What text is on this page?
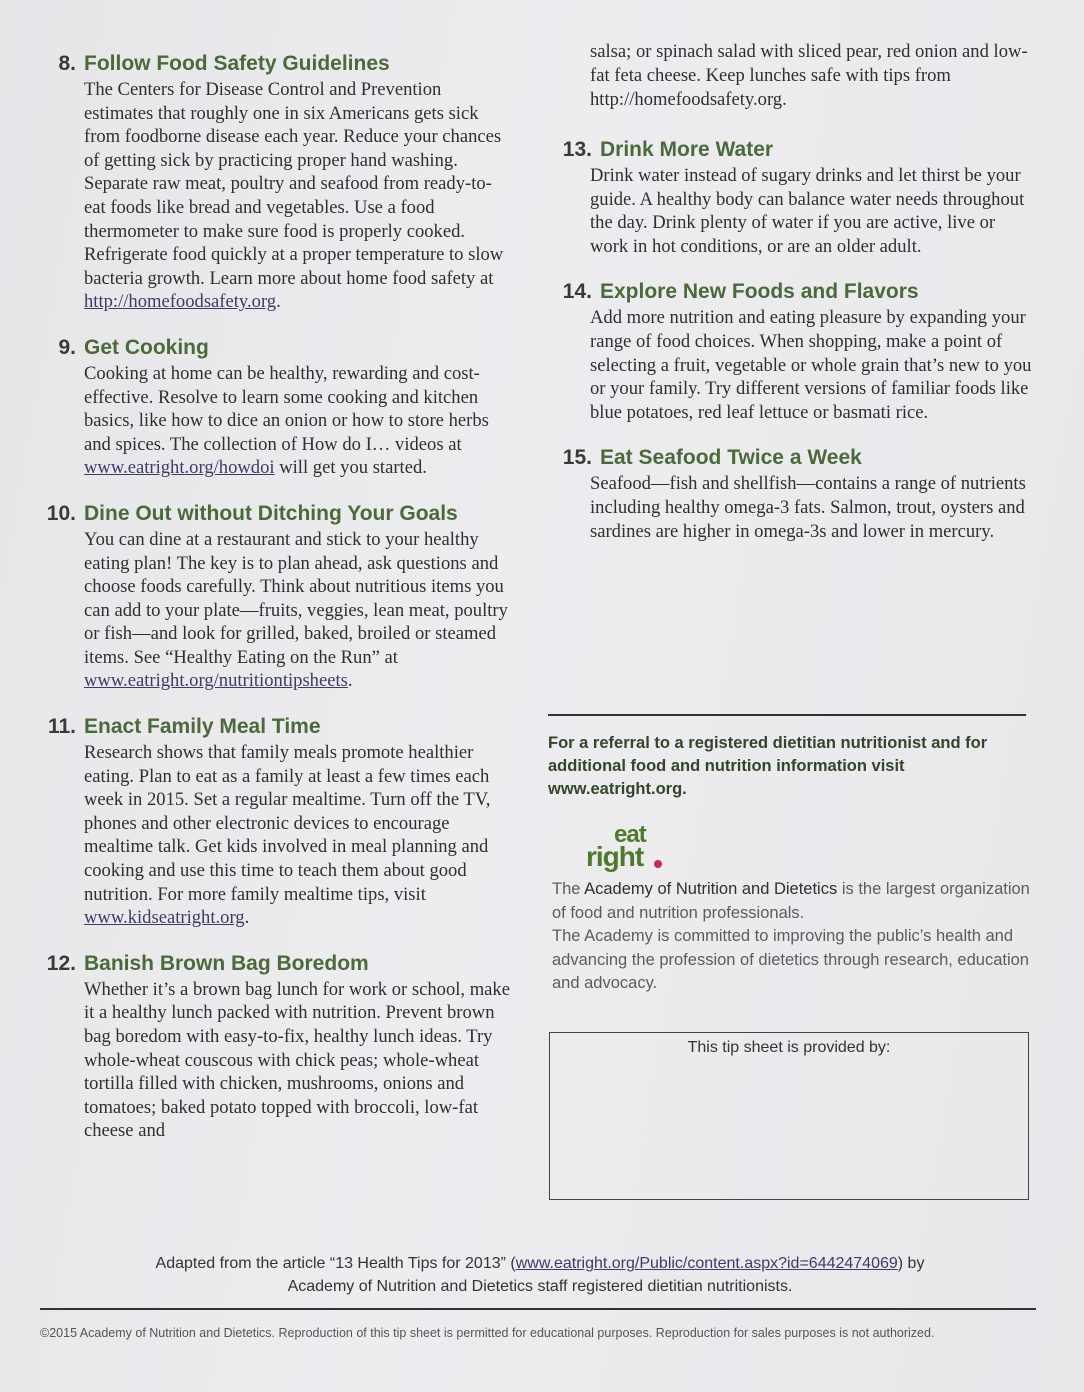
8. Follow Food Safety Guidelines
The Centers for Disease Control and Prevention estimates that roughly one in six Americans gets sick from foodborne disease each year. Reduce your chances of getting sick by practicing proper hand washing. Separate raw meat, poultry and seafood from ready-to-eat foods like bread and vegetables. Use a food thermometer to make sure food is properly cooked. Refrigerate food quickly at a proper temperature to slow bacteria growth. Learn more about home food safety at http://homefoodsafety.org.
9. Get Cooking
Cooking at home can be healthy, rewarding and cost-effective. Resolve to learn some cooking and kitchen basics, like how to dice an onion or how to store herbs and spices. The collection of How do I… videos at www.eatright.org/howdoi will get you started.
10. Dine Out without Ditching Your Goals
You can dine at a restaurant and stick to your healthy eating plan! The key is to plan ahead, ask questions and choose foods carefully. Think about nutritious items you can add to your plate—fruits, veggies, lean meat, poultry or fish—and look for grilled, baked, broiled or steamed items. See “Healthy Eating on the Run” at www.eatright.org/nutritiontipsheets.
11. Enact Family Meal Time
Research shows that family meals promote healthier eating. Plan to eat as a family at least a few times each week in 2015. Set a regular mealtime. Turn off the TV, phones and other electronic devices to encourage mealtime talk. Get kids involved in meal planning and cooking and use this time to teach them about good nutrition. For more family mealtime tips, visit www.kidseatright.org.
12. Banish Brown Bag Boredom
Whether it’s a brown bag lunch for work or school, make it a healthy lunch packed with nutrition. Prevent brown bag boredom with easy-to-fix, healthy lunch ideas. Try whole-wheat couscous with chick peas; whole-wheat tortilla filled with chicken, mushrooms, onions and tomatoes; baked potato topped with broccoli, low-fat cheese and
salsa; or spinach salad with sliced pear, red onion and low-fat feta cheese. Keep lunches safe with tips from http://homefoodsafety.org.
13. Drink More Water
Drink water instead of sugary drinks and let thirst be your guide. A healthy body can balance water needs throughout the day. Drink plenty of water if you are active, live or work in hot conditions, or are an older adult.
14. Explore New Foods and Flavors
Add more nutrition and eating pleasure by expanding your range of food choices. When shopping, make a point of selecting a fruit, vegetable or whole grain that’s new to you or your family. Try different versions of familiar foods like blue potatoes, red leaf lettuce or basmati rice.
15. Eat Seafood Twice a Week
Seafood—fish and shellfish—contains a range of nutrients including healthy omega-3 fats. Salmon, trout, oysters and sardines are higher in omega-3s and lower in mercury.
For a referral to a registered dietitian nutritionist and for additional food and nutrition information visit www.eatright.org.
eat
right
The Academy of Nutrition and Dietetics is the largest organization of food and nutrition professionals.
The Academy is committed to improving the public’s health and advancing the profession of dietetics through research, education and advocacy.
This tip sheet is provided by:
Adapted from the article “13 Health Tips for 2013” (www.eatright.org/Public/content.aspx?id=6442474069) by
Academy of Nutrition and Dietetics staff registered dietitian nutritionists.
©2015 Academy of Nutrition and Dietetics. Reproduction of this tip sheet is permitted for educational purposes. Reproduction for sales purposes is not authorized.
